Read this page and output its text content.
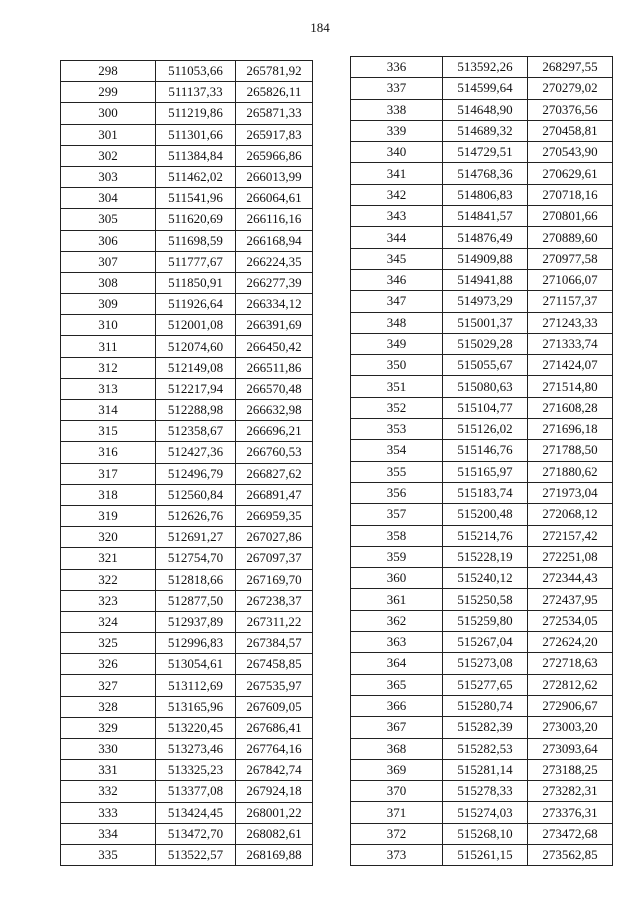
184
298	511053,66	265781,92
299	511137,33	265826,11
300	511219,86	265871,33
301	511301,66	265917,83
302	511384,84	265966,86
303	511462,02	266013,99
304	511541,96	266064,61
305	511620,69	266116,16
306	511698,59	266168,94
307	511777,67	266224,35
308	511850,91	266277,39
309	511926,64	266334,12
310	512001,08	266391,69
311	512074,60	266450,42
312	512149,08	266511,86
313	512217,94	266570,48
314	512288,98	266632,98
315	512358,67	266696,21
316	512427,36	266760,53
317	512496,79	266827,62
318	512560,84	266891,47
319	512626,76	266959,35
320	512691,27	267027,86
321	512754,70	267097,37
322	512818,66	267169,70
323	512877,50	267238,37
324	512937,89	267311,22
325	512996,83	267384,57
326	513054,61	267458,85
327	513112,69	267535,97
328	513165,96	267609,05
329	513220,45	267686,41
330	513273,46	267764,16
331	513325,23	267842,74
332	513377,08	267924,18
333	513424,45	268001,22
334	513472,70	268082,61
335	513522,57	268169,88
336	513592,26	268297,55
337	514599,64	270279,02
338	514648,90	270376,56
339	514689,32	270458,81
340	514729,51	270543,90
341	514768,36	270629,61
342	514806,83	270718,16
343	514841,57	270801,66
344	514876,49	270889,60
345	514909,88	270977,58
346	514941,88	271066,07
347	514973,29	271157,37
348	515001,37	271243,33
349	515029,28	271333,74
350	515055,67	271424,07
351	515080,63	271514,80
352	515104,77	271608,28
353	515126,02	271696,18
354	515146,76	271788,50
355	515165,97	271880,62
356	515183,74	271973,04
357	515200,48	272068,12
358	515214,76	272157,42
359	515228,19	272251,08
360	515240,12	272344,43
361	515250,58	272437,95
362	515259,80	272534,05
363	515267,04	272624,20
364	515273,08	272718,63
365	515277,65	272812,62
366	515280,74	272906,67
367	515282,39	273003,20
368	515282,53	273093,64
369	515281,14	273188,25
370	515278,33	273282,31
371	515274,03	273376,31
372	515268,10	273472,68
373	515261,15	273562,85
